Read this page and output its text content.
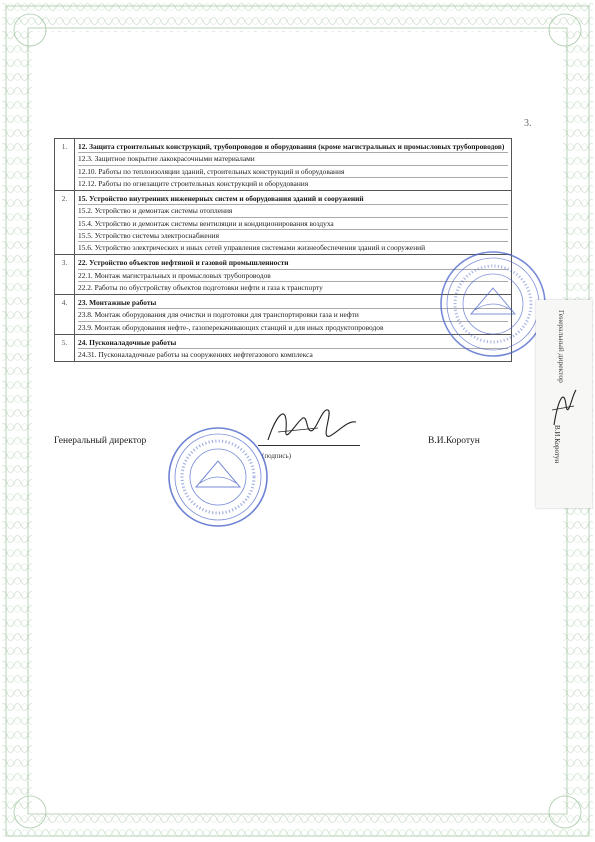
3.
1.	12. Защита строительных конструкций, трубопроводов и оборудования (кроме магистральных и промысловых трубопроводов)
12.3. Защитное покрытие лакокрасочными материалами
12.10. Работы по теплоизоляции зданий, строительных конструкций и оборудования
12.12. Работы по огнезащите строительных конструкций и оборудования

2.	15. Устройство внутренних инженерных систем и оборудования зданий и сооружений
15.2. Устройство и демонтаж системы отопления
15.4. Устройство и демонтаж системы вентиляции и кондиционирования воздуха
15.5. Устройство системы электроснабжения
15.6. Устройство электрических и иных сетей управления системами жизнеобеспечения зданий и сооружений

3.	22. Устройство объектов нефтяной и газовой промышленности
22.1. Монтаж магистральных и промысловых трубопроводов
22.2. Работы по обустройству объектов подготовки нефти и газа к транспорту

4.	23. Монтажные работы
23.8. Монтаж оборудования для очистки и подготовки для транспортировки газа и нефти
23.9. Монтаж оборудования нефте-, газоперекачивающих станций и для иных продуктопроводов

5.	24. Пусконаладочные работы
24.31. Пусконаладочные работы на сооружениях нефтегазового комплекса
Генеральный директор
(подпись)
В.И.Коротун
Генеральный директор
В.И.Коротун
